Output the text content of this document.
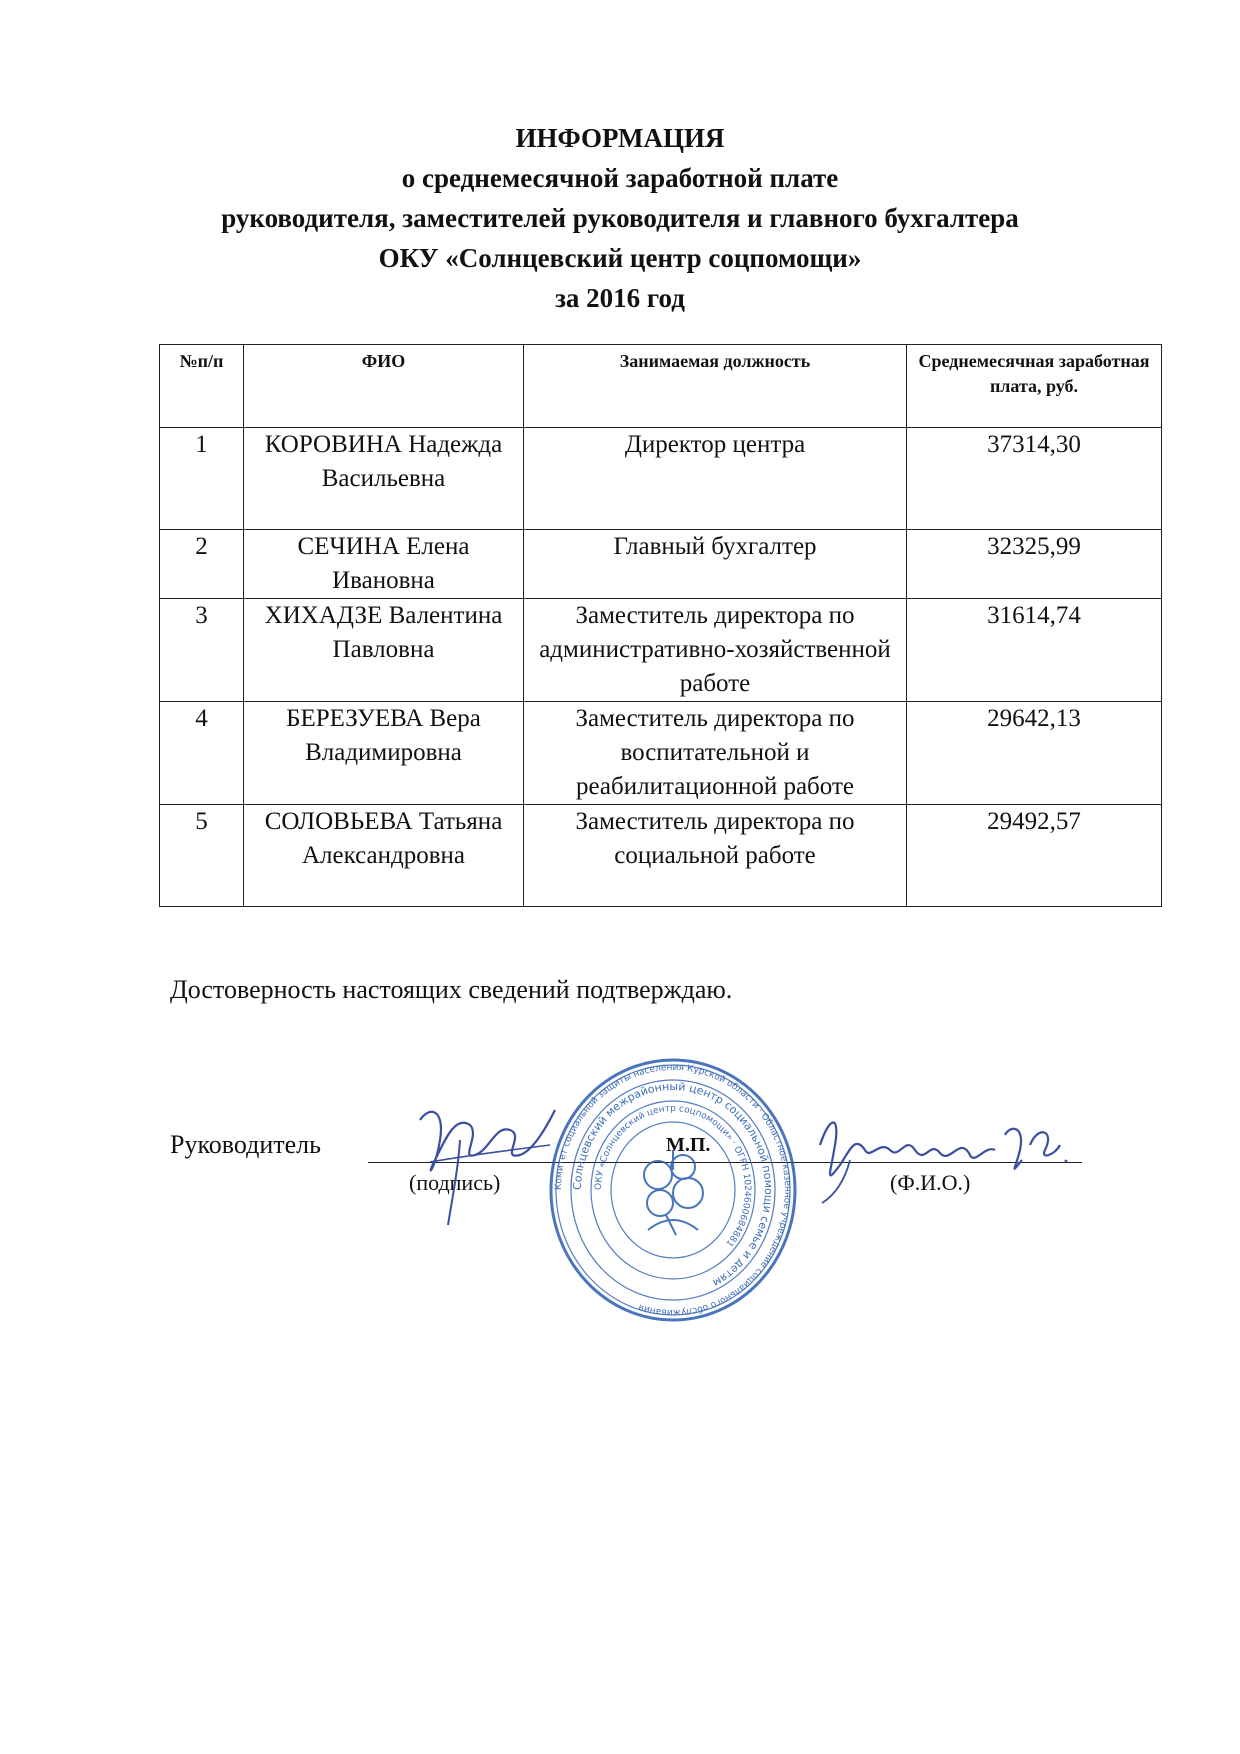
ИНФОРМАЦИЯ
о среднемесячной заработной плате
руководителя, заместителей руководителя и главного бухгалтера
ОКУ «Солнцевский центр соцпомощи»
за 2016 год
№п/п	ФИО	Занимаемая должность	Среднемесячная заработная плата, руб.
1	КОРОВИНА Надежда Васильевна	Директор центра	37314,30
2	СЕЧИНА Елена Ивановна	Главный бухгалтер	32325,99
3	ХИХАДЗЕ Валентина Павловна	Заместитель директора по административно-хозяйственной работе	31614,74
4	БЕРЕЗУЕВА Вера Владимировна	Заместитель директора по воспитательной и реабилитационной работе	29642,13
5	СОЛОВЬЕВА Татьяна Александровна	Заместитель директора по социальной работе	29492,57
Достоверность настоящих сведений подтверждаю.
Руководитель
(подпись)	(Ф.И.О.)
Комитет социальной защиты населения Курской области · Областное казенное учреждение социального обслуживания
Солнцевский межрайонный центр социальной помощи семье и детям
ОКУ «Солнцевский центр соцпомощи» · ОГРН 1024600684881
М.П.
